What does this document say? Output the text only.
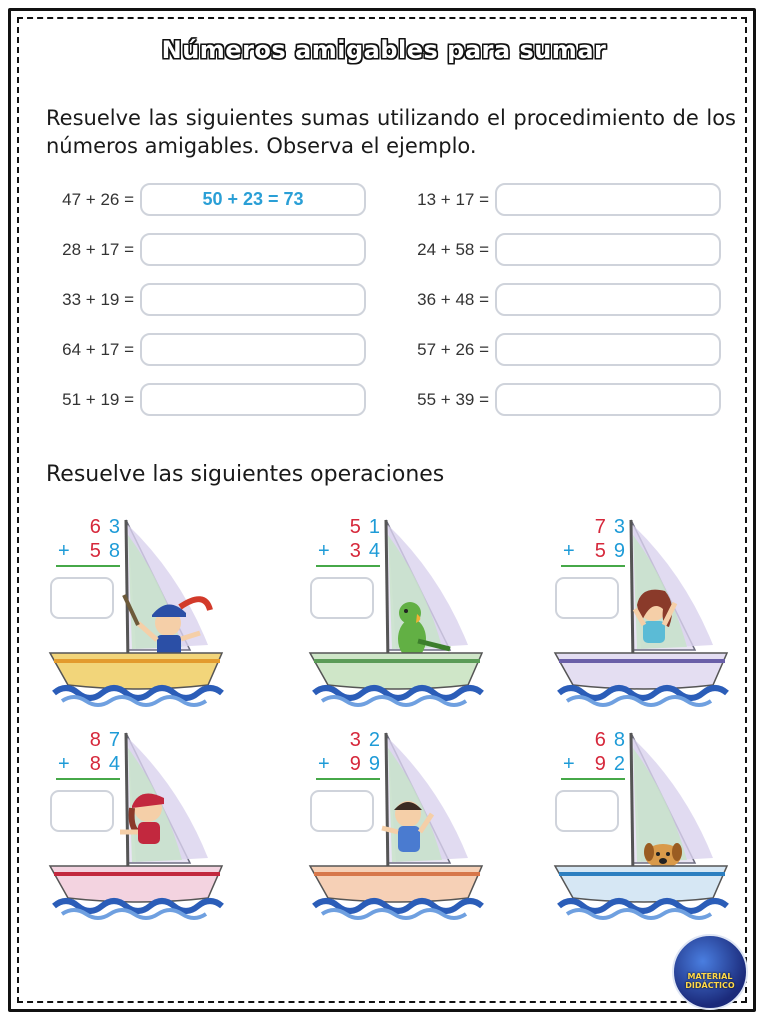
Números amigables para sumar
Resuelve las siguientes sumas utilizando el procedimiento de los números amigables. Observa el ejemplo.
47 + 26 =	50 + 23 = 73	13 + 17 =
28 + 17 =	24 + 58 =
33 + 19 =	36 + 48 =
64 + 17 =	57 + 26 =
51 + 19 =	55 + 39 =
Resuelve las siguientes operaciones
6 3
+ 5 8
5 1
+ 3 4
7 3
+ 5 9
8 7
+ 8 4
3 2
+ 9 9
6 8
+ 9 2
MATERIAL DIDÁCTICO
